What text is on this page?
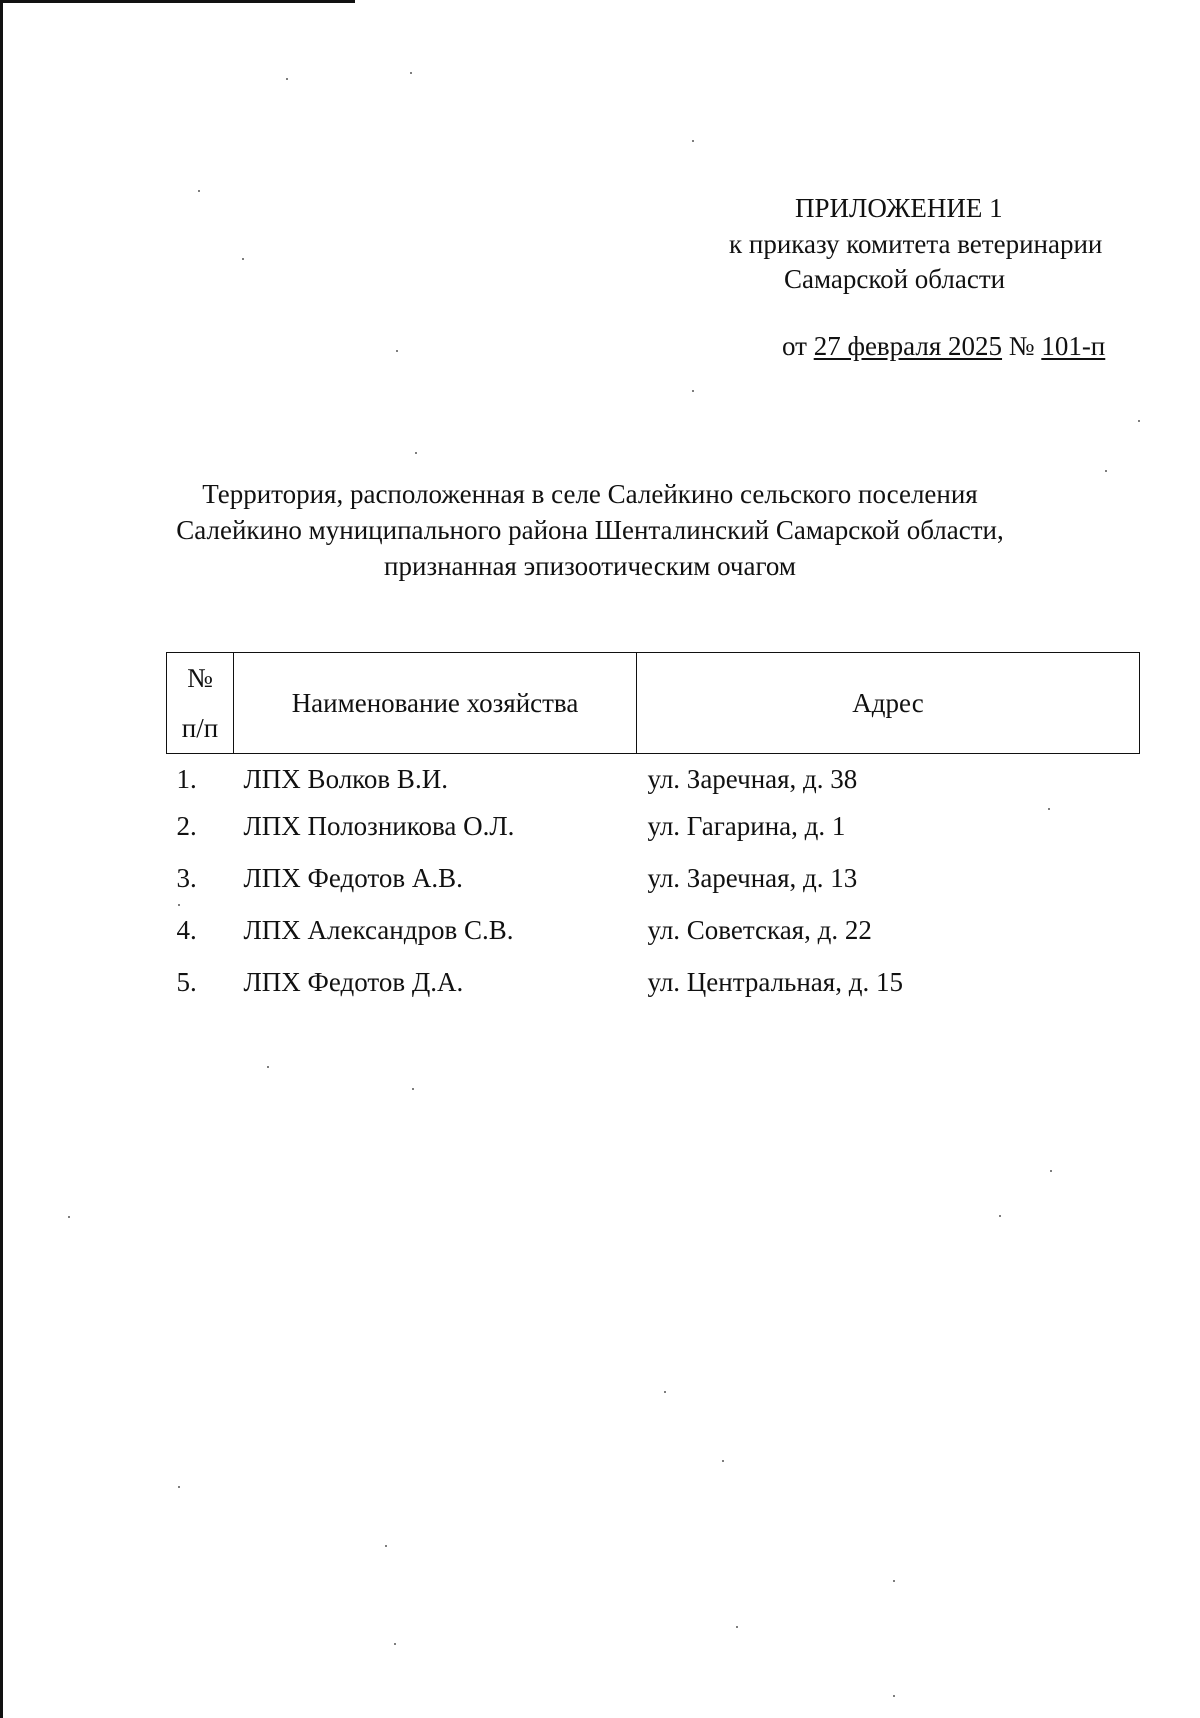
ПРИЛОЖЕНИЕ 1
к приказу комитета ветеринарии
Самарской области
от 27 февраля 2025 № 101-п
Территория, расположенная в селе Салейкино сельского поселения
Салейкино муниципального района Шенталинский Самарской области,
признанная эпизоотическим очагом
№
п/п	Наименование хозяйства	Адрес
1.	ЛПХ Волков В.И.	ул. Заречная, д. 38
2.	ЛПХ Полозникова О.Л.	ул. Гагарина, д. 1
3.	ЛПХ Федотов А.В.	ул. Заречная, д. 13
4.	ЛПХ Александров С.В.	ул. Советская, д. 22
5.	ЛПХ Федотов Д.А.	ул. Центральная, д. 15
